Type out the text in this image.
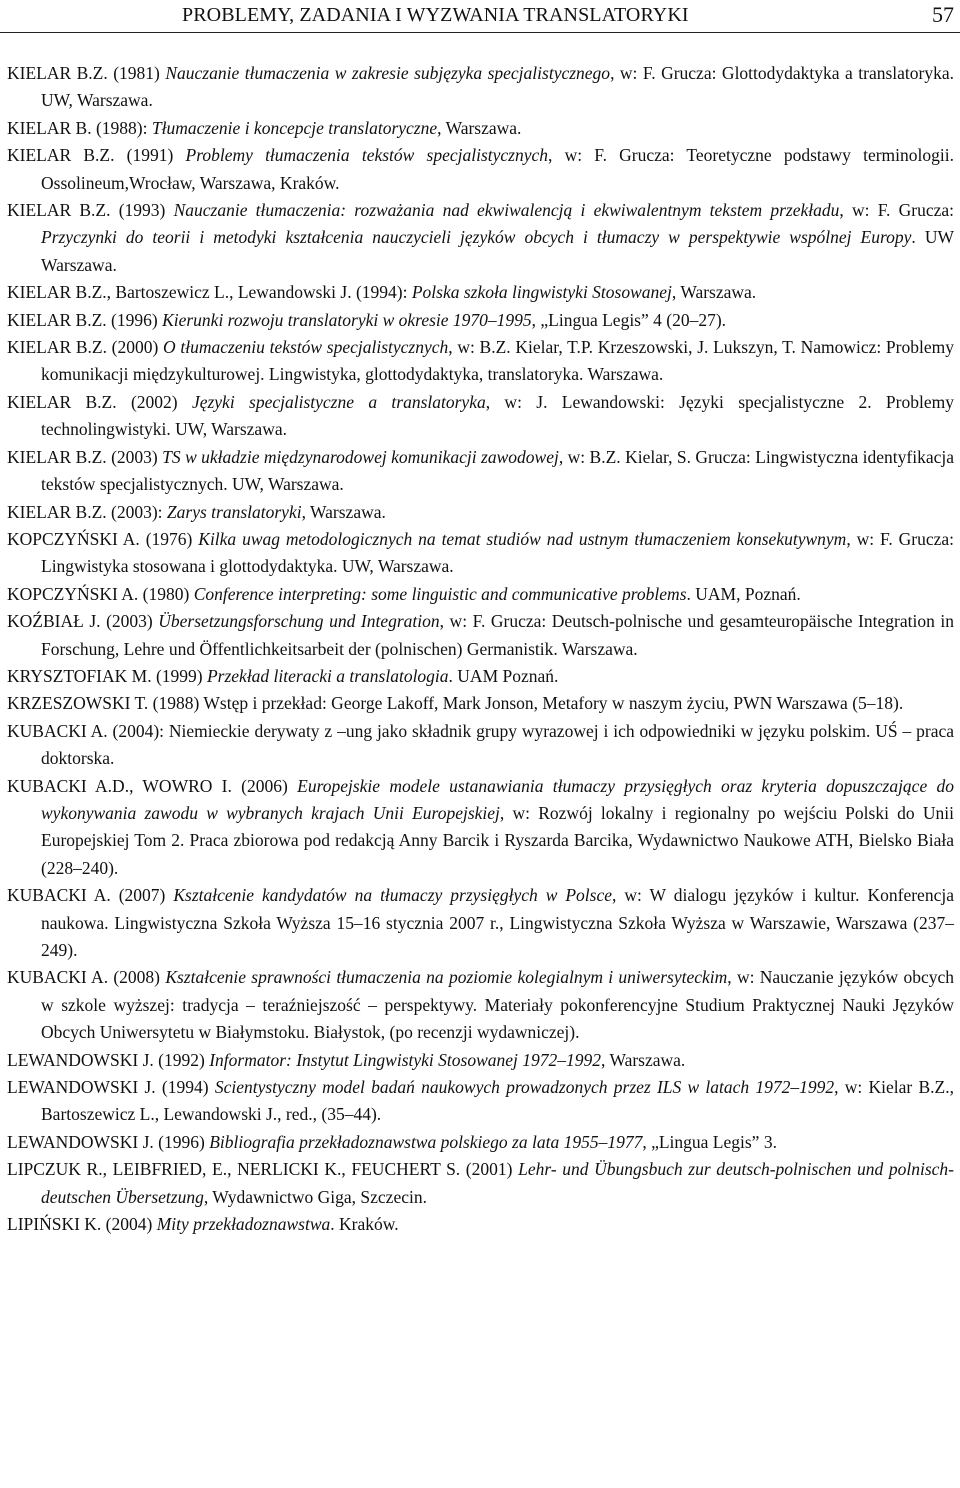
PROBLEMY, ZADANIA I WYZWANIA TRANSLATORYKI	57
KIELAR B.Z. (1981) Nauczanie tłumaczenia w zakresie subjęzyka specjalistycznego, w: F. Grucza: Glottodydaktyka a translatoryka. UW, Warszawa.
KIELAR B. (1988): Tłumaczenie i koncepcje translatoryczne, Warszawa.
KIELAR B.Z. (1991) Problemy tłumaczenia tekstów specjalistycznych, w: F. Grucza: Teoretyczne podstawy terminologii. Ossolineum,Wrocław, Warszawa, Kraków.
KIELAR B.Z. (1993) Nauczanie tłumaczenia: rozważania nad ekwiwalencją i ekwiwalentnym tekstem przekładu, w: F. Grucza: Przyczynki do teorii i metodyki kształcenia nauczycieli języków obcych i tłumaczy w perspektywie wspólnej Europy. UW Warszawa.
KIELAR B.Z., Bartoszewicz L., Lewandowski J. (1994): Polska szkoła lingwistyki Stosowanej, Warszawa.
KIELAR B.Z. (1996) Kierunki rozwoju translatoryki w okresie 1970–1995, „Lingua Legis” 4 (20–27).
KIELAR B.Z. (2000) O tłumaczeniu tekstów specjalistycznych, w: B.Z. Kielar, T.P. Krzeszowski, J. Lukszyn, T. Namowicz: Problemy komunikacji międzykulturowej. Lingwistyka, glottodydaktyka, translatoryka. Warszawa.
KIELAR B.Z. (2002) Języki specjalistyczne a translatoryka, w: J. Lewandowski: Języki specjalistyczne 2. Problemy technolingwistyki. UW, Warszawa.
KIELAR B.Z. (2003) TS w układzie międzynarodowej komunikacji zawodowej, w: B.Z. Kielar, S. Grucza: Lingwistyczna identyfikacja tekstów specjalistycznych. UW, Warszawa.
KIELAR B.Z. (2003): Zarys translatoryki, Warszawa.
KOPCZYŃSKI A. (1976) Kilka uwag metodologicznych na temat studiów nad ustnym tłumaczeniem konsekutywnym, w: F. Grucza: Lingwistyka stosowana i glottodydaktyka. UW, Warszawa.
KOPCZYŃSKI A. (1980) Conference interpreting: some linguistic and communicative problems. UAM, Poznań.
KOŹBIAŁ J. (2003) Übersetzungsforschung und Integration, w: F. Grucza: Deutsch-polnische und gesamteuropäische Integration in Forschung, Lehre und Öffentlichkeitsarbeit der (polnischen) Germanistik. Warszawa.
KRYSZTOFIAK M. (1999) Przekład literacki a translatologia. UAM Poznań.
KRZESZOWSKI T. (1988) Wstęp i przekład: George Lakoff, Mark Jonson, Metafory w naszym życiu, PWN Warszawa (5–18).
KUBACKI A. (2004): Niemieckie derywaty z –ung jako składnik grupy wyrazowej i ich odpowiedniki w języku polskim. UŚ – praca doktorska.
KUBACKI A.D., WOWRO I. (2006) Europejskie modele ustanawiania tłumaczy przysięgłych oraz kryteria dopuszczające do wykonywania zawodu w wybranych krajach Unii Europejskiej, w: Rozwój lokalny i regionalny po wejściu Polski do Unii Europejskiej Tom 2. Praca zbiorowa pod redakcją Anny Barcik i Ryszarda Barcika, Wydawnictwo Naukowe ATH, Bielsko Biała (228–240).
KUBACKI A. (2007) Kształcenie kandydatów na tłumaczy przysięgłych w Polsce, w: W dialogu języków i kultur. Konferencja naukowa. Lingwistyczna Szkoła Wyższa 15–16 stycznia 2007 r., Lingwistyczna Szkoła Wyższa w Warszawie, Warszawa (237–249).
KUBACKI A. (2008) Kształcenie sprawności tłumaczenia na poziomie kolegialnym i uniwersyteckim, w: Nauczanie języków obcych w szkole wyższej: tradycja – teraźniejszość – perspektywy. Materiały pokonferencyjne Studium Praktycznej Nauki Języków Obcych Uniwersytetu w Białymstoku. Białystok, (po recenzji wydawniczej).
LEWANDOWSKI J. (1992) Informator: Instytut Lingwistyki Stosowanej 1972–1992, Warszawa.
LEWANDOWSKI J. (1994) Scientystyczny model badań naukowych prowadzonych przez ILS w latach 1972–1992, w: Kielar B.Z., Bartoszewicz L., Lewandowski J., red., (35–44).
LEWANDOWSKI J. (1996) Bibliografia przekładoznawstwa polskiego za lata 1955–1977, „Lingua Legis” 3.
LIPCZUK R., LEIBFRIED, E., NERLICKI K., FEUCHERT S. (2001) Lehr- und Übungsbuch zur deutsch-polnischen und polnisch-deutschen Übersetzung, Wydawnictwo Giga, Szczecin.
LIPIŃSKI K. (2004) Mity przekładoznawstwa. Kraków.
